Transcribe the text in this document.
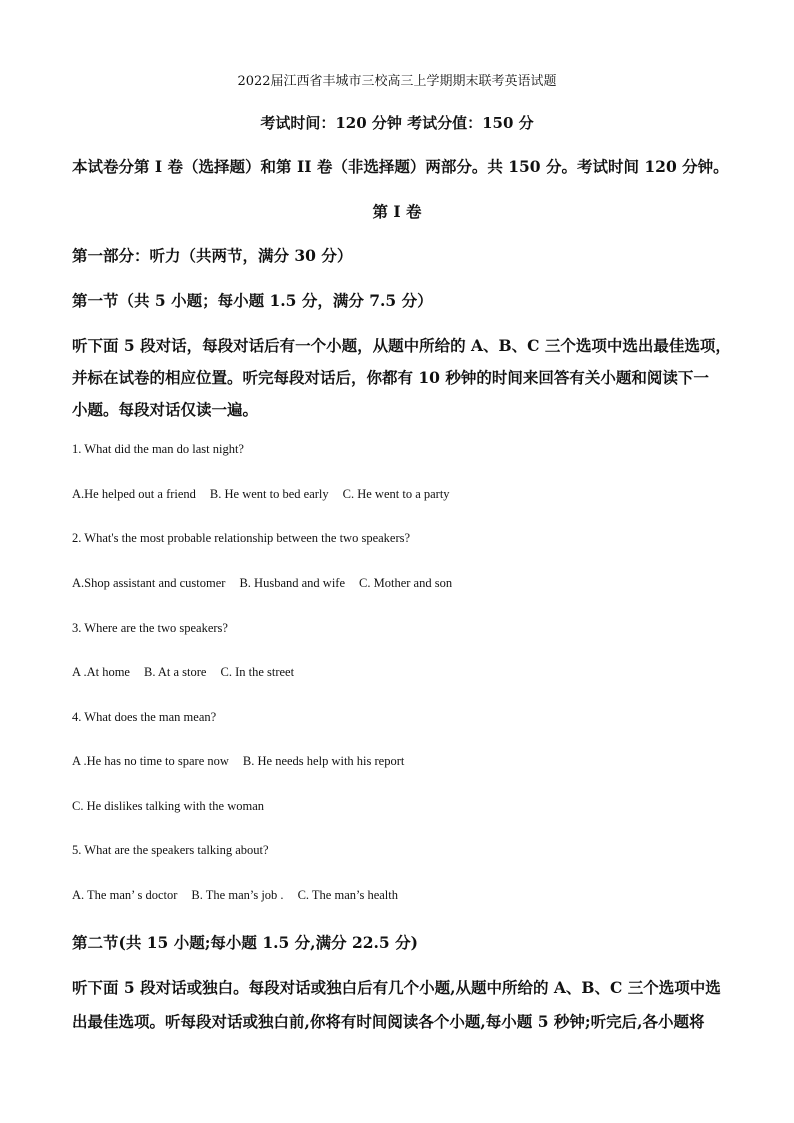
2022届江西省丰城市三校高三上学期期末联考英语试题
考试时间：120 分钟 考试分值：150 分
本试卷分第 I 卷（选择题）和第 II 卷（非选择题）两部分。共 150 分。考试时间 120 分钟。
第 I 卷
第一部分：听力（共两节，满分 30 分）
第一节（共 5 小题；每小题 1.5 分，满分 7.5 分）
听下面 5 段对话，每段对话后有一个小题，从题中所给的 A、B、C 三个选项中选出最佳选项，
并标在试卷的相应位置。听完每段对话后，你都有 10 秒钟的时间来回答有关小题和阅读下一
小题。每段对话仅读一遍。
1. What did the man do last night?
A.He helped out a friend B. He went to bed early C. He went to a party
2. What's the most probable relationship between the two speakers?
A.Shop assistant and customer B. Husband and wife C. Mother and son
3. Where are the two speakers?
A .At home B. At a store C. In the street
4. What does the man mean?
A .He has no time to spare now B. He needs help with his report
C. He dislikes talking with the woman
5. What are the speakers talking about?
A. The man’ s doctor B. The man’s job . C. The man’s health
第二节(共 15 小题;每小题 1.5 分,满分 22.5 分)
听下面 5 段对话或独白。每段对话或独白后有几个小题,从题中所给的 A、B、C 三个选项中选
出最佳选项。听每段对话或独白前,你将有时间阅读各个小题,每小题 5 秒钟;听完后,各小题将
